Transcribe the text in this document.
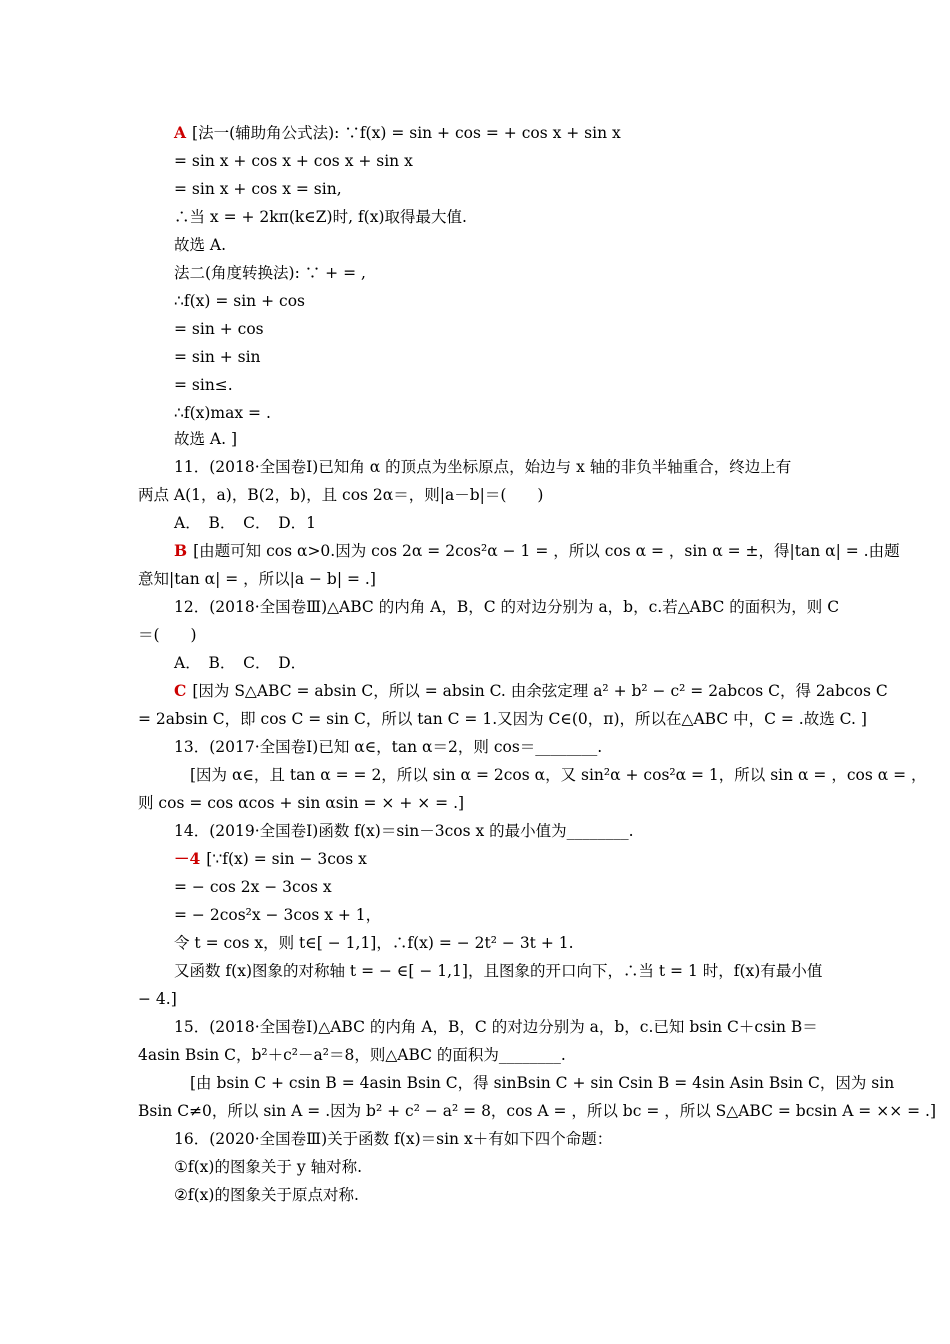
A [法一(辅助角公式法): ∵f(x) = sin + cos = + cos x + sin x
= sin x + cos x + cos x + sin x
= sin x + cos x = sin,
∴当 x = + 2kπ(k∈Z)时, f(x)取得最大值.
故选 A.
法二(角度转换法): ∵ + = ,
∴f(x) = sin + cos
= sin + cos
= sin + sin
= sin≤.
∴f(x)max = .
故选 A. ]
11．(2018·全国卷Ⅰ)已知角 α 的顶点为坐标原点，始边与 x 轴的非负半轴重合，终边上有
两点 A(1，a)，B(2，b)，且 cos 2α＝，则|a－b|＝(　　)
A．　B．　C．　D．1
B [由题可知 cos α>0.因为 cos 2α = 2cos²α − 1 = ，所以 cos α = ，sin α = ±，得|tan α| = .由题
意知|tan α| = ，所以|a − b| = .]
12．(2018·全国卷Ⅲ)△ABC 的内角 A，B，C 的对边分别为 a，b，c.若△ABC 的面积为，则 C
＝(　　)
A．　B．　C．　D．
C [因为 S△ABC = absin C，所以 = absin C. 由余弦定理 a² + b² − c² = 2abcos C，得 2abcos C
= 2absin C，即 cos C = sin C，所以 tan C = 1.又因为 C∈(0，π)，所以在△ABC 中，C = .故选 C. ]
13．(2017·全国卷Ⅰ)已知 α∈，tan α＝2，则 cos＝________.
[因为 α∈，且 tan α = = 2，所以 sin α = 2cos α，又 sin²α + cos²α = 1，所以 sin α = ，cos α = ，
则 cos = cos αcos + sin αsin = × + × = .]
14．(2019·全国卷Ⅰ)函数 f(x)＝sin－3cos x 的最小值为________.
－4 [∵f(x) = sin − 3cos x
= − cos 2x − 3cos x
= − 2cos²x − 3cos x + 1，
令 t = cos x，则 t∈[ − 1,1]，∴f(x) = − 2t² − 3t + 1.
又函数 f(x)图象的对称轴 t = − ∈[ − 1,1]，且图象的开口向下，∴当 t = 1 时，f(x)有最小值
− 4.]
15．(2018·全国卷Ⅰ)△ABC 的内角 A，B，C 的对边分别为 a，b，c.已知 bsin C＋csin B＝
4asin Bsin C，b²＋c²－a²＝8，则△ABC 的面积为________.
[由 bsin C + csin B = 4asin Bsin C，得 sinBsin C + sin Csin B = 4sin Asin Bsin C，因为 sin
Bsin C≠0，所以 sin A = .因为 b² + c² − a² = 8，cos A = ，所以 bc = ，所以 S△ABC = bcsin A = ×× = .]
16．(2020·全国卷Ⅲ)关于函数 f(x)＝sin x＋有如下四个命题：
①f(x)的图象关于 y 轴对称.
②f(x)的图象关于原点对称.
